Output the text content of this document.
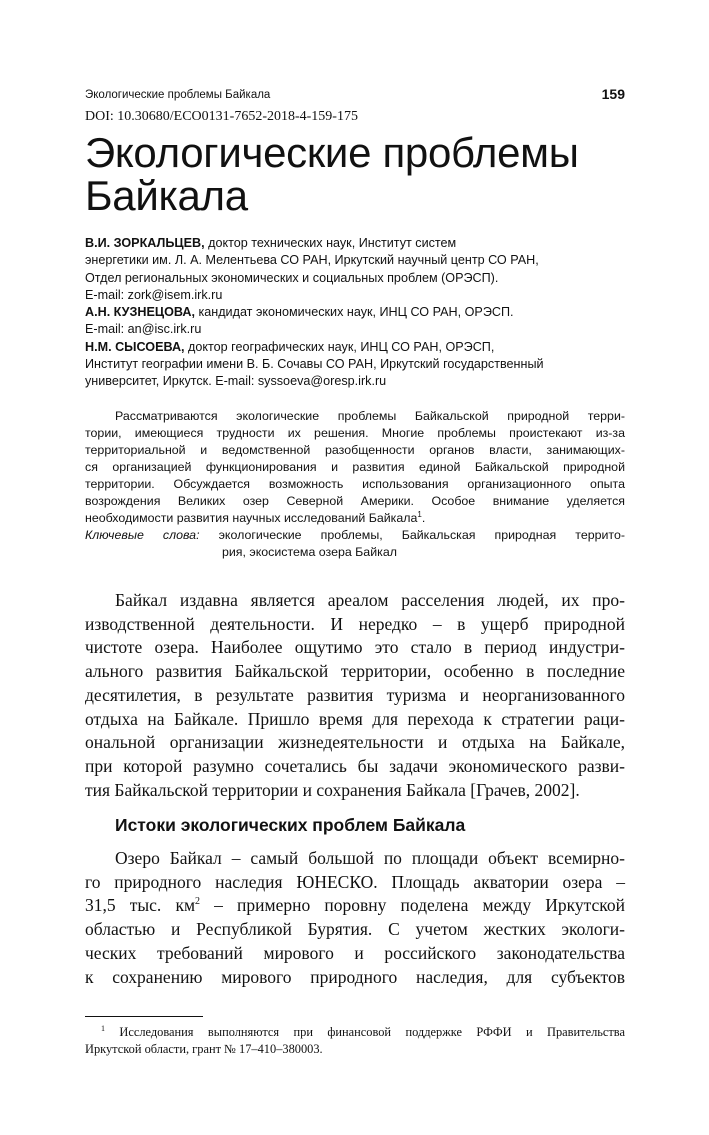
Экологические проблемы Байкала	159
DOI: 10.30680/ECO0131-7652-2018-4-159-175
Экологические проблемы
Байкала
В.И. ЗОРКАЛЬЦЕВ, доктор технических наук, Институт систем
энергетики им. Л. А. Мелентьева СО РАН, Иркутский научный центр СО РАН,
Отдел региональных экономических и социальных проблем (ОРЭСП).
E-mail: zork@isem.irk.ru
А.Н. КУЗНЕЦОВА, кандидат экономических наук, ИНЦ СО РАН, ОРЭСП.
E-mail: an@isc.irk.ru
Н.М. СЫСОЕВА, доктор географических наук, ИНЦ СО РАН, ОРЭСП,
Институт географии имени В. Б. Сочавы СО РАН, Иркутский государственный
университет, Иркутск. E-mail: syssoeva@oresp.irk.ru
Рассматриваются экологические проблемы Байкальской природной терри-
тории, имеющиеся трудности их решения. Многие проблемы проистекают из-за
территориальной и ведомственной разобщенности органов власти, занимающих-
ся организацией функционирования и развития единой Байкальской природной
территории. Обсуждается возможность использования организационного опыта
возрождения Великих озер Северной Америки. Особое внимание уделяется
необходимости развития научных исследований Байкала$^1$.
Ключевые слова: экологические проблемы, Байкальская природная террито-
рия, экосистема озера Байкал
Байкал издавна является ареалом расселения людей, их про-
изводственной деятельности. И нередко – в ущерб природной
чистоте озера. Наиболее ощутимо это стало в период индустри-
ального развития Байкальской территории, особенно в последние
десятилетия, в результате развития туризма и неорганизованного
отдыха на Байкале. Пришло время для перехода к стратегии раци-
ональной организации жизнедеятельности и отдыха на Байкале,
при которой разумно сочетались бы задачи экономического разви-
тия Байкальской территории и сохранения Байкала [Грачев, 2002].
Истоки экологических проблем Байкала
Озеро Байкал – самый большой по площади объект всемирно-
го природного наследия ЮНЕСКО. Площадь акватории озера –
31,5 тыс. $км^2$ – примерно поровну поделена между Иркутской
областью и Республикой Бурятия. С учетом жестких экологи-
ческих требований мирового и российского законодательства
к сохранению мирового природного наследия, для субъектов
$^1$ Исследования выполняются при финансовой поддержке РФФИ и Правительства
Иркутской области, грант № 17–410–380003.
